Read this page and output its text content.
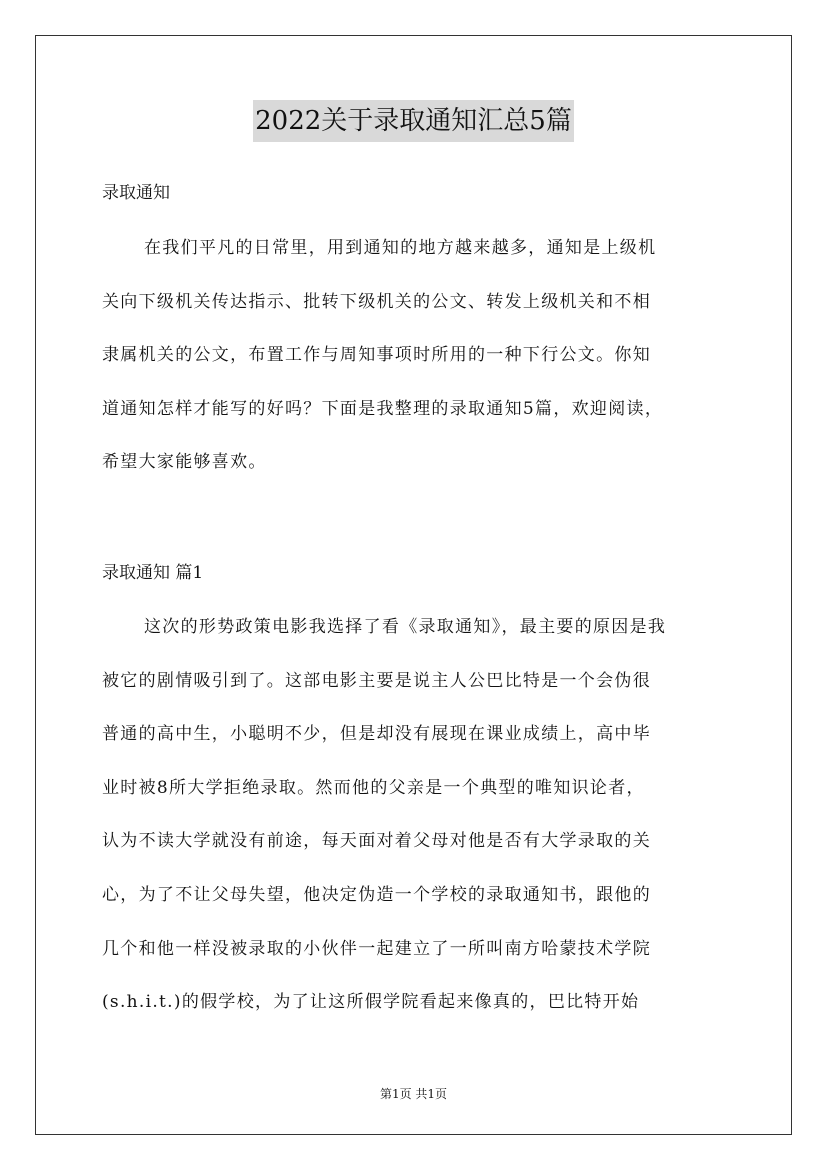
2022关于录取通知汇总5篇
录取通知
在我们平凡的日常里，用到通知的地方越来越多，通知是上级机
关向下级机关传达指示、批转下级机关的公文、转发上级机关和不相
隶属机关的公文，布置工作与周知事项时所用的一种下行公文。你知
道通知怎样才能写的好吗？下面是我整理的录取通知5篇，欢迎阅读，
希望大家能够喜欢。
录取通知 篇1
这次的形势政策电影我选择了看《录取通知》，最主要的原因是我
被它的剧情吸引到了。这部电影主要是说主人公巴比特是一个会伪很
普通的高中生，小聪明不少，但是却没有展现在课业成绩上，高中毕
业时被8所大学拒绝录取。然而他的父亲是一个典型的唯知识论者，
认为不读大学就没有前途，每天面对着父母对他是否有大学录取的关
心，为了不让父母失望，他决定伪造一个学校的录取通知书，跟他的
几个和他一样没被录取的小伙伴一起建立了一所叫南方哈蒙技术学院
(s.h.i.t.)的假学校，为了让这所假学院看起来像真的，巴比特开始
第1页 共1页
